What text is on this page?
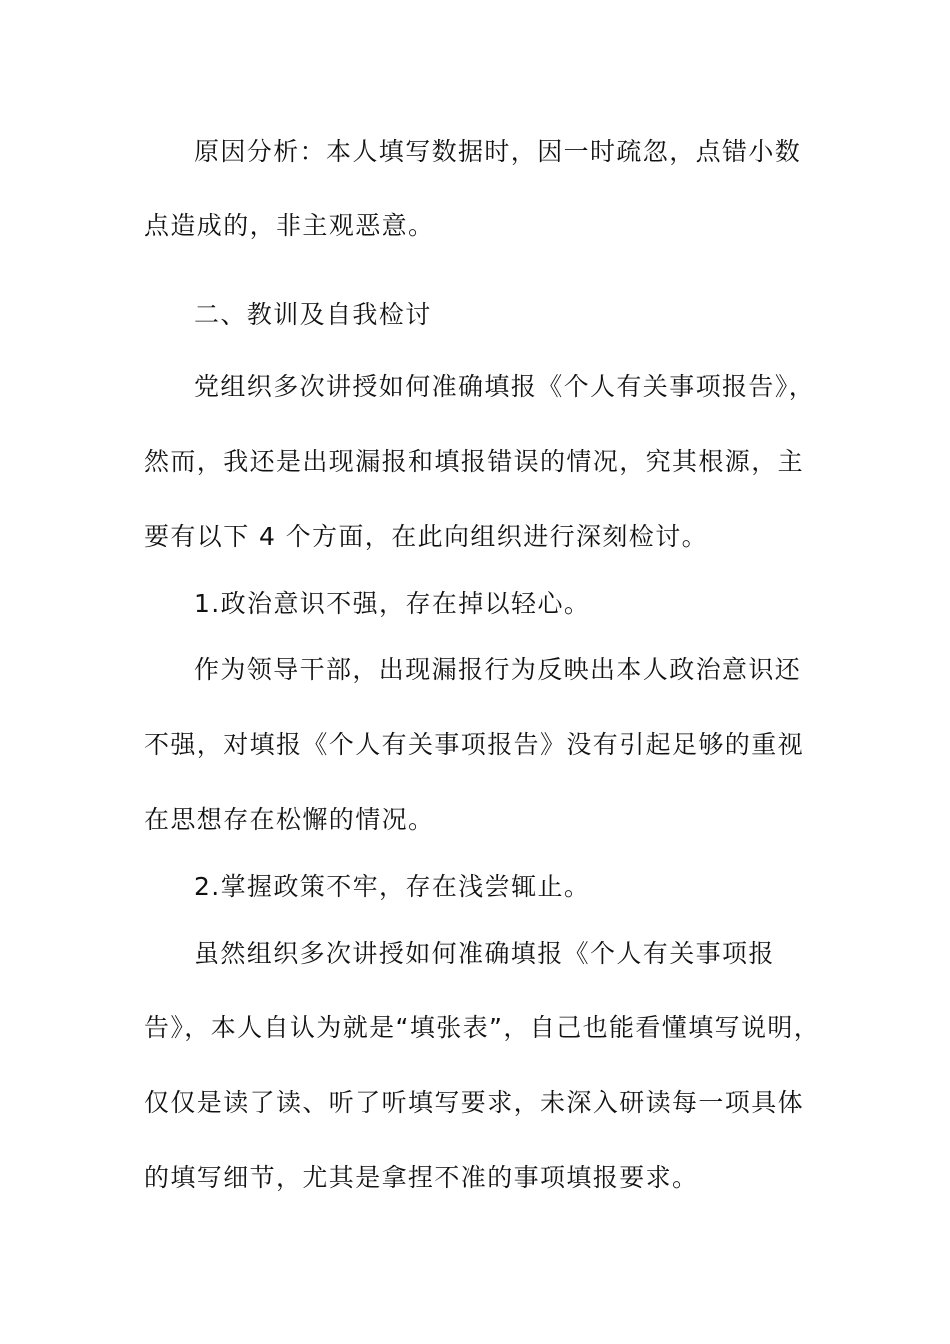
原因分析：本人填写数据时，因一时疏忽，点错小数
点造成的，非主观恶意。
二、教训及自我检讨
党组织多次讲授如何准确填报《个人有关事项报告》，
然而，我还是出现漏报和填报错误的情况，究其根源，主
要有以下 4 个方面，在此向组织进行深刻检讨。
1.政治意识不强，存在掉以轻心。
作为领导干部，出现漏报行为反映出本人政治意识还
不强，对填报《个人有关事项报告》没有引起足够的重视
在思想存在松懈的情况。
2.掌握政策不牢，存在浅尝辄止。
虽然组织多次讲授如何准确填报《个人有关事项报
告》，本人自认为就是“填张表”，自己也能看懂填写说明，
仅仅是读了读、听了听填写要求，未深入研读每一项具体
的填写细节，尤其是拿捏不准的事项填报要求。
